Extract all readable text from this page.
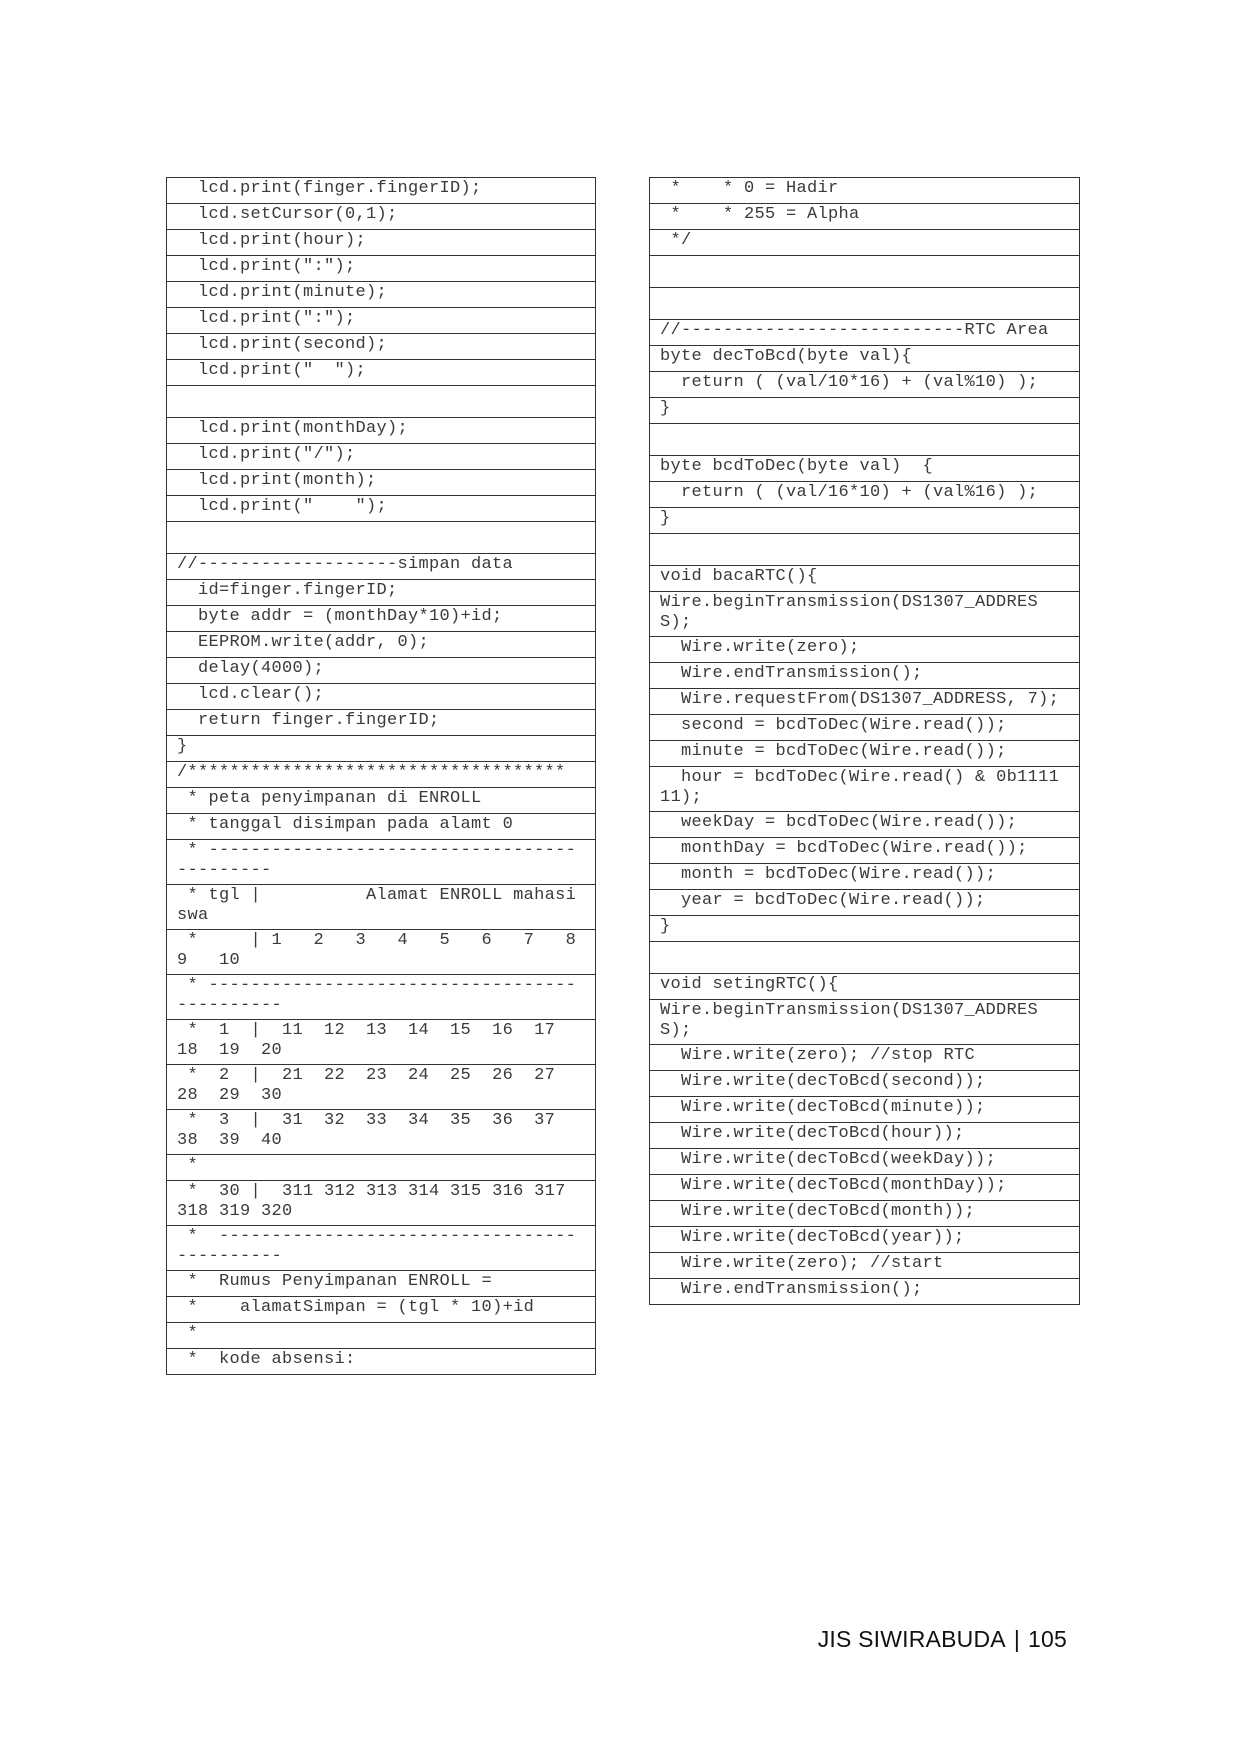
lcd.print(finger.fingerID);
lcd.setCursor(0,1);
lcd.print(hour);
lcd.print(":");
lcd.print(minute);
lcd.print(":");
lcd.print(second);
lcd.print("  ");

lcd.print(monthDay);
lcd.print("/");
lcd.print(month);
lcd.print("    ");

//-------------------simpan data
id=finger.fingerID;
byte addr = (monthDay*10)+id;
EEPROM.write(addr, 0);
delay(4000);
lcd.clear();
return finger.fingerID;
}
/************************************
* peta penyimpanan di ENROLL
* tanggal disimpan pada alamt 0
* --------------------------------------------
* tgl |          Alamat ENROLL mahasiswa
*     | 1   2   3   4   5   6   7   8   9   10
* ---------------------------------------------
*  1  |  11  12  13  14  15  16  17  18  19  20
*  2  |  21  22  23  24  25  26  27  28  29  30
*  3  |  31  32  33  34  35  36  37  38  39  40
*
*  30 |  311 312 313 314 315 316 317 318 319 320
*  --------------------------------------------
*  Rumus Penyimpanan ENROLL =
*    alamatSimpan = (tgl * 10)+id
*
*  kode absensi:
*    * 0 = Hadir
*    * 255 = Alpha
*/

//---------------------------RTC Area
byte decToBcd(byte val){
return ( (val/10*16) + (val%10) );
}

byte bcdToDec(byte val)  {
return ( (val/16*10) + (val%16) );
}

void bacaRTC(){
Wire.beginTransmission(DS1307_ADDRESS);
Wire.write(zero);
Wire.endTransmission();
Wire.requestFrom(DS1307_ADDRESS, 7);
second = bcdToDec(Wire.read());
minute = bcdToDec(Wire.read());
hour = bcdToDec(Wire.read() & 0b111111);
weekDay = bcdToDec(Wire.read());
monthDay = bcdToDec(Wire.read());
month = bcdToDec(Wire.read());
year = bcdToDec(Wire.read());
}

void setingRTC(){
Wire.beginTransmission(DS1307_ADDRESS);
Wire.write(zero); //stop RTC
Wire.write(decToBcd(second));
Wire.write(decToBcd(minute));
Wire.write(decToBcd(hour));
Wire.write(decToBcd(weekDay));
Wire.write(decToBcd(monthDay));
Wire.write(decToBcd(month));
Wire.write(decToBcd(year));
Wire.write(zero); //start
Wire.endTransmission();
JIS SIWIRABUDA | 105
